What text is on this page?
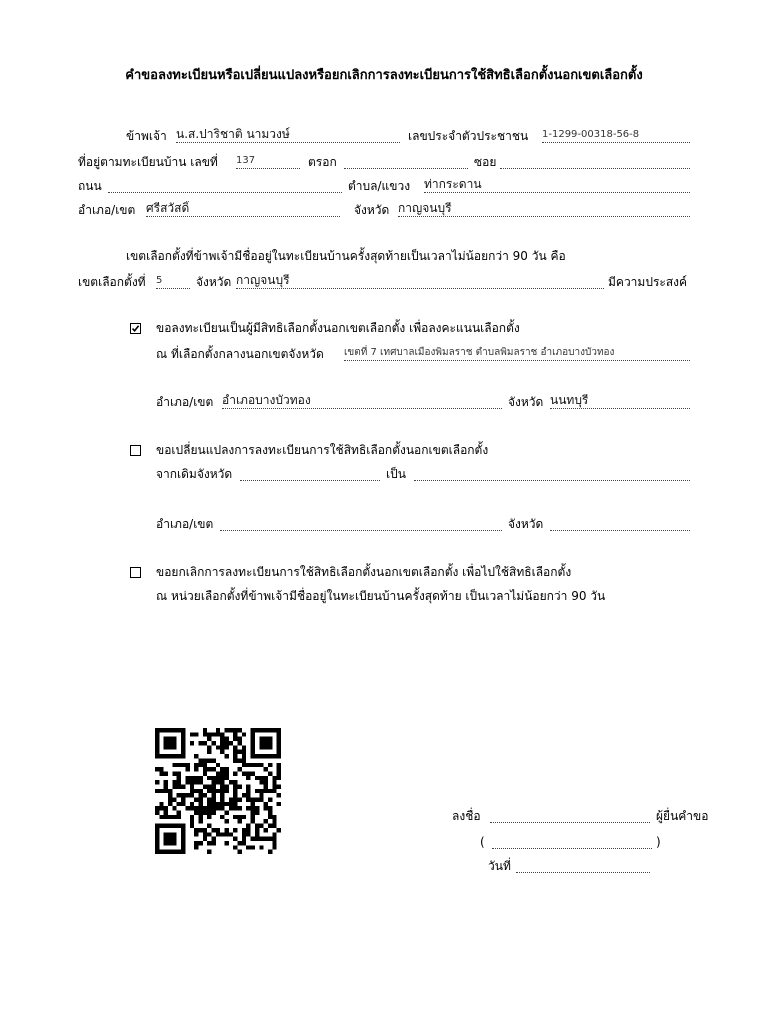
คำขอลงทะเบียนหรือเปลี่ยนแปลงหรือยกเลิกการลงทะเบียนการใช้สิทธิเลือกตั้งนอกเขตเลือกตั้ง
ข้าพเจ้า น.ส.ปาริชาติ นามวงษ์	เลขประจำตัวประชาชน 1-1299-00318-56-8
ที่อยู่ตามทะเบียนบ้าน เลขที่ 137	ตรอก	ซอย
ถนน	ตำบล/แขวง ท่ากระดาน
อำเภอ/เขต ศรีสวัสดิ์	จังหวัด กาญจนบุรี
เขตเลือกตั้งที่ข้าพเจ้ามีชื่ออยู่ในทะเบียนบ้านครั้งสุดท้ายเป็นเวลาไม่น้อยกว่า 90 วัน คือ
เขตเลือกตั้งที่ 5	จังหวัด กาญจนบุรี	มีความประสงค์
ขอลงทะเบียนเป็นผู้มีสิทธิเลือกตั้งนอกเขตเลือกตั้ง เพื่อลงคะแนนเลือกตั้ง
ณ ที่เลือกตั้งกลางนอกเขตจังหวัด เขตที่ 7 เทศบาลเมืองพิมลราช ตำบลพิมลราช อำเภอบางบัวทอง
อำเภอ/เขต อำเภอบางบัวทอง	จังหวัด นนทบุรี
ขอเปลี่ยนแปลงการลงทะเบียนการใช้สิทธิเลือกตั้งนอกเขตเลือกตั้ง
จากเดิมจังหวัด	เป็น
อำเภอ/เขต	จังหวัด
ขอยกเลิกการลงทะเบียนการใช้สิทธิเลือกตั้งนอกเขตเลือกตั้ง เพื่อไปใช้สิทธิเลือกตั้ง
ณ หน่วยเลือกตั้งที่ข้าพเจ้ามีชื่ออยู่ในทะเบียนบ้านครั้งสุดท้าย เป็นเวลาไม่น้อยกว่า 90 วัน
ลงชื่อ	ผู้ยื่นคำขอ
(	)
วันที่
